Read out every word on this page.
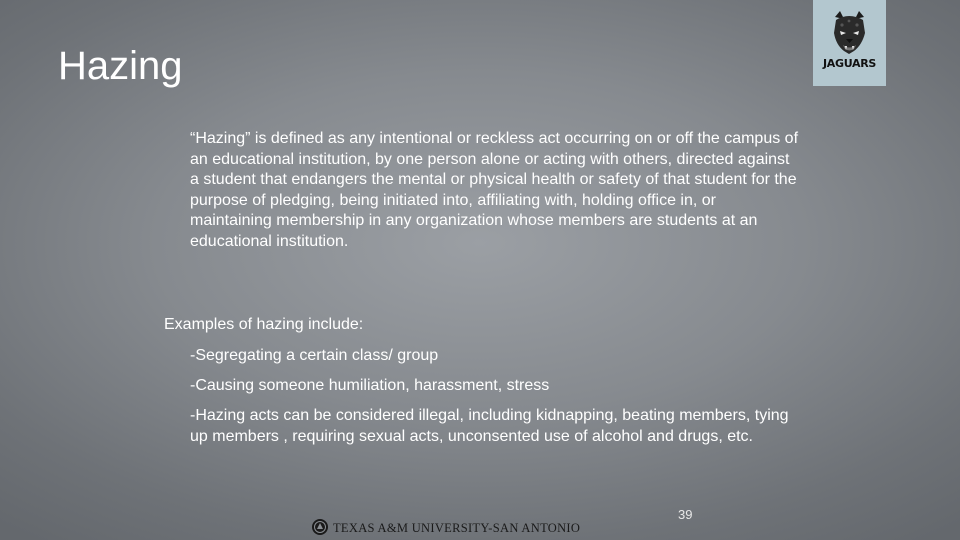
Hazing	JAGUARS

“Hazing” is defined as any intentional or reckless act occurring on or off the campus of an educational institution, by one person alone or acting with others, directed against a student that endangers the mental or physical health or safety of that student for the purpose of pledging, being initiated into, affiliating with, holding office in, or maintaining membership in any organization whose members are students at an educational institution.

Examples of hazing include:

-Segregating a certain class/ group

-Causing someone humiliation, harassment, stress

-Hazing acts can be considered illegal, including kidnapping, beating members, tying up members , requiring sexual acts, unconsented use of alcohol and drugs, etc.

39
TEXAS A&M UNIVERSITY-SAN ANTONIO
